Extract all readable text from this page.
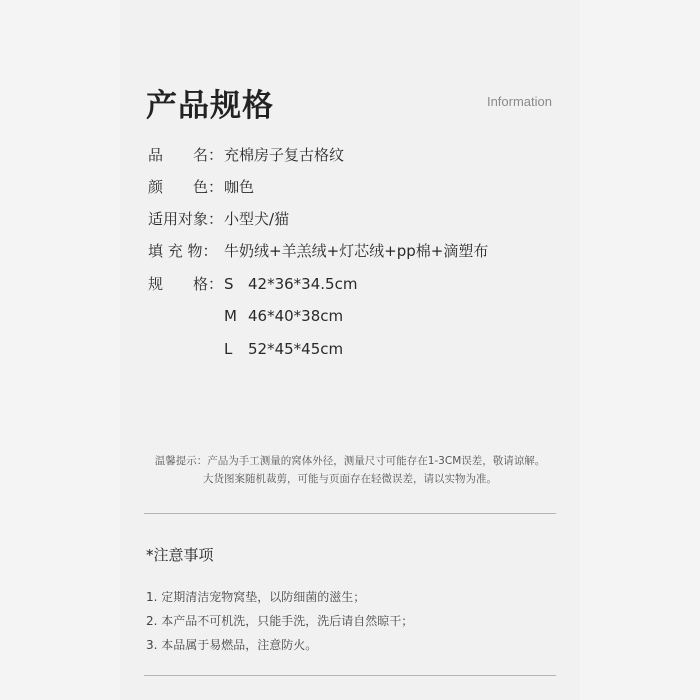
产品规格	Information
品　　名：充棉房子复古格纹
颜　　色：咖色
适用对象：小型犬/猫
填 充 物： 牛奶绒+羊羔绒+灯芯绒+pp棉+滴塑布
规　　格： S 42*36*34.5cm
M 46*40*38cm
L 52*45*45cm
温馨提示：产品为手工测量的窝体外径，测量尺寸可能存在1-3CM误差，敬请谅解。
大货图案随机裁剪，可能与页面存在轻微误差，请以实物为准。
*注意事项
1. 定期清洁宠物窝垫，以防细菌的滋生；
2. 本产品不可机洗，只能手洗，洗后请自然晾干；
3. 本品属于易燃品，注意防火。
